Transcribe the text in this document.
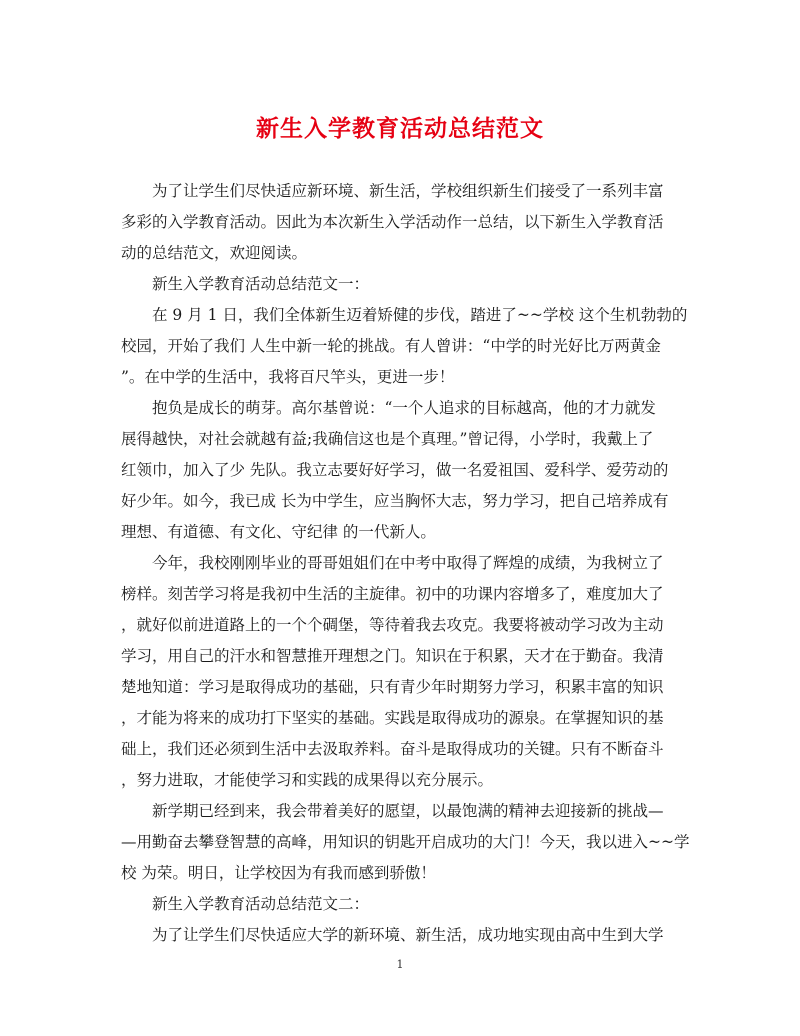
新生入学教育活动总结范文
为了让学生们尽快适应新环境、新生活，学校组织新生们接受了一系列丰富
多彩的入学教育活动。因此为本次新生入学活动作一总结，以下新生入学教育活
动的总结范文，欢迎阅读。
新生入学教育活动总结范文一：
在 9 月 1 日，我们全体新生迈着矫健的步伐，踏进了~~学校 这个生机勃勃的
校园，开始了我们 人生中新一轮的挑战。有人曾讲：“中学的时光好比万两黄金
”。在中学的生活中，我将百尺竿头，更进一步！
抱负是成长的萌芽。高尔基曾说：“一个人追求的目标越高，他的才力就发
展得越快，对社会就越有益;我确信这也是个真理。”曾记得，小学时，我戴上了
红领巾，加入了少 先队。我立志要好好学习，做一名爱祖国、爱科学、爱劳动的
好少年。如今，我已成 长为中学生，应当胸怀大志，努力学习，把自己培养成有
理想、有道德、有文化、守纪律 的一代新人。
今年，我校刚刚毕业的哥哥姐姐们在中考中取得了辉煌的成绩，为我树立了
榜样。刻苦学习将是我初中生活的主旋律。初中的功课内容增多了，难度加大了
，就好似前进道路上的一个个碉堡，等待着我去攻克。我要将被动学习改为主动
学习，用自己的汗水和智慧推开理想之门。知识在于积累，天才在于勤奋。我清
楚地知道：学习是取得成功的基础，只有青少年时期努力学习，积累丰富的知识
，才能为将来的成功打下坚实的基础。实践是取得成功的源泉。在掌握知识的基
础上，我们还必须到生活中去汲取养料。奋斗是取得成功的关键。只有不断奋斗
，努力进取，才能使学习和实践的成果得以充分展示。
新学期已经到来，我会带着美好的愿望，以最饱满的精神去迎接新的挑战—
—用勤奋去攀登智慧的高峰，用知识的钥匙开启成功的大门！今天，我以进入~~学
校 为荣。明日，让学校因为有我而感到骄傲！
新生入学教育活动总结范文二：
为了让学生们尽快适应大学的新环境、新生活，成功地实现由高中生到大学
1
